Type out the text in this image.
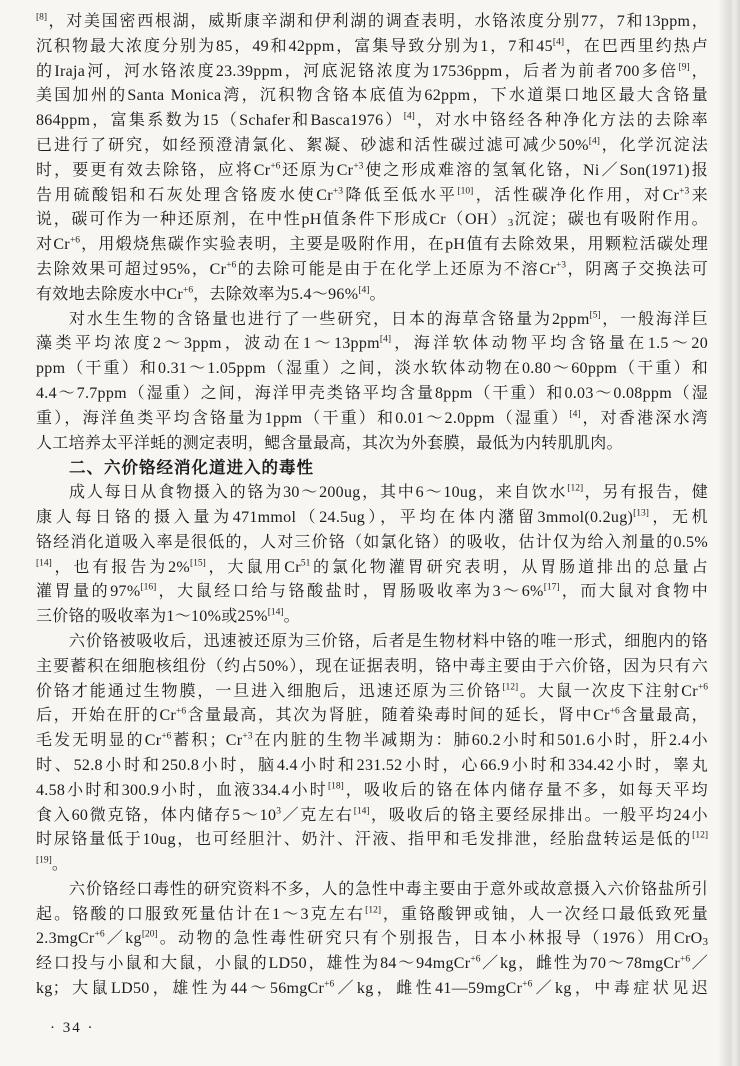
[8]，对美国密西根湖，威斯康辛湖和伊利湖的调查表明，水铬浓度分别77，7和13ppm，
沉积物最大浓度分别为85，49和42ppm，富集导致分别为1，7和45[4]，在巴西里约热卢
的Iraja河，河水铬浓度23.39ppm，河底泥铬浓度为17536ppm，后者为前者700多倍[9]，
美国加州的Santa Monica湾，沉积物含铬本底值为62ppm，下水道渠口地区最大含铬量
864ppm，富集系数为15（Schafer和Basca1976）[4]，对水中铬经各种净化方法的去除率
已进行了研究，如经预澄清氯化、絮凝、砂滤和活性碳过滤可减少50%[4]，化学沉淀法
时，要更有效去除铬，应将$Cr^{+6}$还原为$Cr^{+3}$使之形成难溶的氢氧化铬，Ni／Son(1971)报
告用硫酸铝和石灰处理含铬废水使$Cr^{+3}$降低至低水平[10]，活性碳净化作用，对$Cr^{+3}$来
说，碳可作为一种还原剂，在中性pH值条件下形成$Cr(OH)_3$沉淀；碳也有吸附作用。
对$Cr^{+6}$，用煅烧焦碳作实验表明，主要是吸附作用，在pH值有去除效果，用颗粒活碳处理
去除效果可超过95%，$Cr^{+6}$的去除可能是由于在化学上还原为不溶$Cr^{+3}$，阴离子交换法可
有效地去除废水中$Cr^{+6}$，去除效率为5.4～96%[4]。
对水生生物的含铬量也进行了一些研究，日本的海草含铬量为2ppm[5]，一般海洋巨
藻类平均浓度2～3ppm，波动在1～13ppm[4]，海洋软体动物平均含铬量在1.5～20
ppm（干重）和0.31～1.05ppm（湿重）之间，淡水软体动物在0.80～60ppm（干重）和
4.4～7.7ppm（湿重）之间，海洋甲壳类铬平均含量8ppm（干重）和0.03～0.08ppm（湿
重），海洋鱼类平均含铬量为1ppm（干重）和0.01～2.0ppm（湿重）[4]，对香港深水湾
人工培养太平洋蚝的测定表明，鳃含量最高，其次为外套膜，最低为内转肌肌肉。
二、六价铬经消化道进入的毒性
成人每日从食物摄入的铬为30～200ug，其中6～10ug，来自饮水[12]，另有报告，健
康人每日铬的摄入量为471mmol（24.5ug），平均在体内潴留3mmol(0.2ug)[13]，无机
铬经消化道吸入率是很低的，人对三价铬（如氯化铬）的吸收，估计仅为给入剂量的0.5%
[14]，也有报告为2%[15]，大鼠用Cr$^{51}$的氯化物灌胃研究表明，从胃肠道排出的总量占
灌胃量的97%[16]，大鼠经口给与铬酸盐时，胃肠吸收率为3～6%[17]，而大鼠对食物中
三价铬的吸收率为1～10%或25%[14]。
六价铬被吸收后，迅速被还原为三价铬，后者是生物材料中铬的唯一形式，细胞内的铬
主要蓄积在细胞核组份（约占50%），现在证据表明，铬中毒主要由于六价铬，因为只有六
价铬才能通过生物膜，一旦进入细胞后，迅速还原为三价铬[12]。大鼠一次皮下注射$Cr^{+6}$
后，开始在肝的$Cr^{+6}$含量最高，其次为肾脏，随着染毒时间的延长，肾中$Cr^{+6}$含量最高，
毛发无明显的$Cr^{+6}$蓄积；$Cr^{+3}$在内脏的生物半减期为：肺60.2小时和501.6小时，肝2.4小
时、52.8小时和250.8小时，脑4.4小时和231.52小时，心66.9小时和334.42小时，睾丸
4.58小时和300.9小时，血液334.4小时[18]，吸收后的铬在体内储存量不多，如每天平均
食入60微克铬，体内储存$5\sim 10^3/$克左右[14]，吸收后的铬主要经尿排出。一般平均24小
时尿铬量低于10ug，也可经胆汁、奶汁、汗液、指甲和毛发排泄，经胎盘转运是低的[12]
[19]。
六价铬经口毒性的研究资料不多，人的急性中毒主要由于意外或故意摄入六价铬盐所引
起。铬酸的口服致死量估计在1～3克左右[12]，重铬酸钾或铀，人一次经口最低致死量
2.3mgCr$^{+6}$／kg[20]。动物的急性毒性研究只有个别报告，日本小林报导（1976）用CrO$_3$
经口投与小鼠和大鼠，小鼠的LD50，雄性为84～94mgCr$^{+6}$／kg，雌性为70～78mgCr$^{+6}$／
kg；大鼠LD50，雄性为44～56mgCr$^{+6}$／kg，雌性41—59mgCr$^{+6}$／kg，中毒症状见迟
· 34 ·
